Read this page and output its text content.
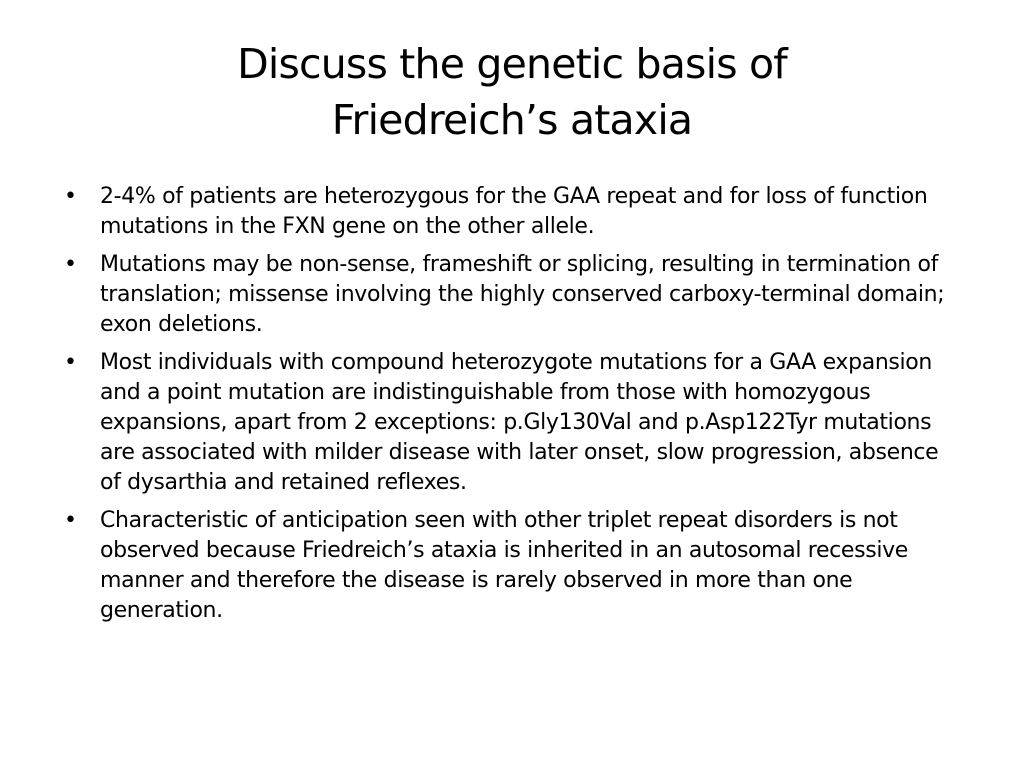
Discuss the genetic basis of
Friedreich’s ataxia
•	2-4% of patients are heterozygous for the GAA repeat and for loss of function mutations in the FXN gene on the other allele.
•	Mutations may be non-sense, frameshift or splicing, resulting in termination of translation; missense involving the highly conserved carboxy-terminal domain; exon deletions.
•	Most individuals with compound heterozygote mutations for a GAA expansion and a point mutation are indistinguishable from those with homozygous expansions, apart from 2 exceptions: p.Gly130Val and p.Asp122Tyr mutations are associated with milder disease with later onset, slow progression, absence of dysarthia and retained reflexes.
•	Characteristic of anticipation seen with other triplet repeat disorders is not observed because Friedreich’s ataxia is inherited in an autosomal recessive manner and therefore the disease is rarely observed in more than one generation.
